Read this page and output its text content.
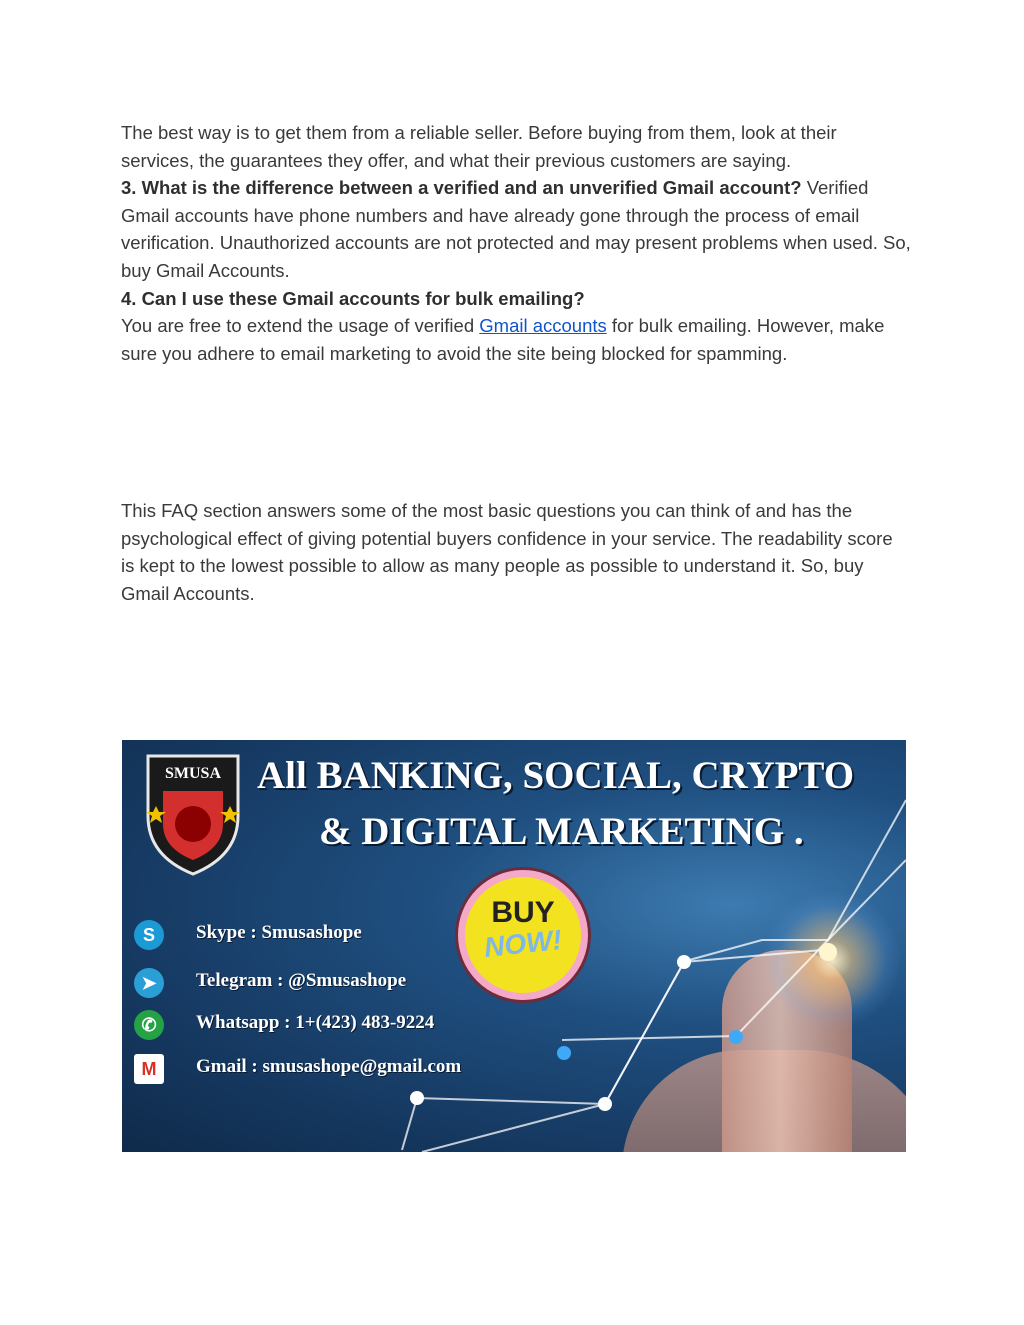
The best way is to get them from a reliable seller. Before buying from them, look at their services, the guarantees they offer, and what their previous customers are saying.
3. What is the difference between a verified and an unverified Gmail account? Verified Gmail accounts have phone numbers and have already gone through the process of email verification. Unauthorized accounts are not protected and may present problems when used. So, buy Gmail Accounts.
4. Can I use these Gmail accounts for bulk emailing?
You are free to extend the usage of verified Gmail accounts for bulk emailing. However, make sure you adhere to email marketing to avoid the site being blocked for spamming.

This FAQ section answers some of the most basic questions you can think of and has the psychological effect of giving potential buyers confidence in your service. The readability score is kept to the lowest possible to allow as many people as possible to understand it. So, buy Gmail Accounts.

SMUSA All BANKING, SOCIAL, CRYPTO
& DIGITAL MARKETING .
BUY
NOW!
S	Skype : Smusashope
➤	Telegram : @Smusashope
✆	Whatsapp : 1+(423) 483-9224
M	Gmail : smusashope@gmail.com
